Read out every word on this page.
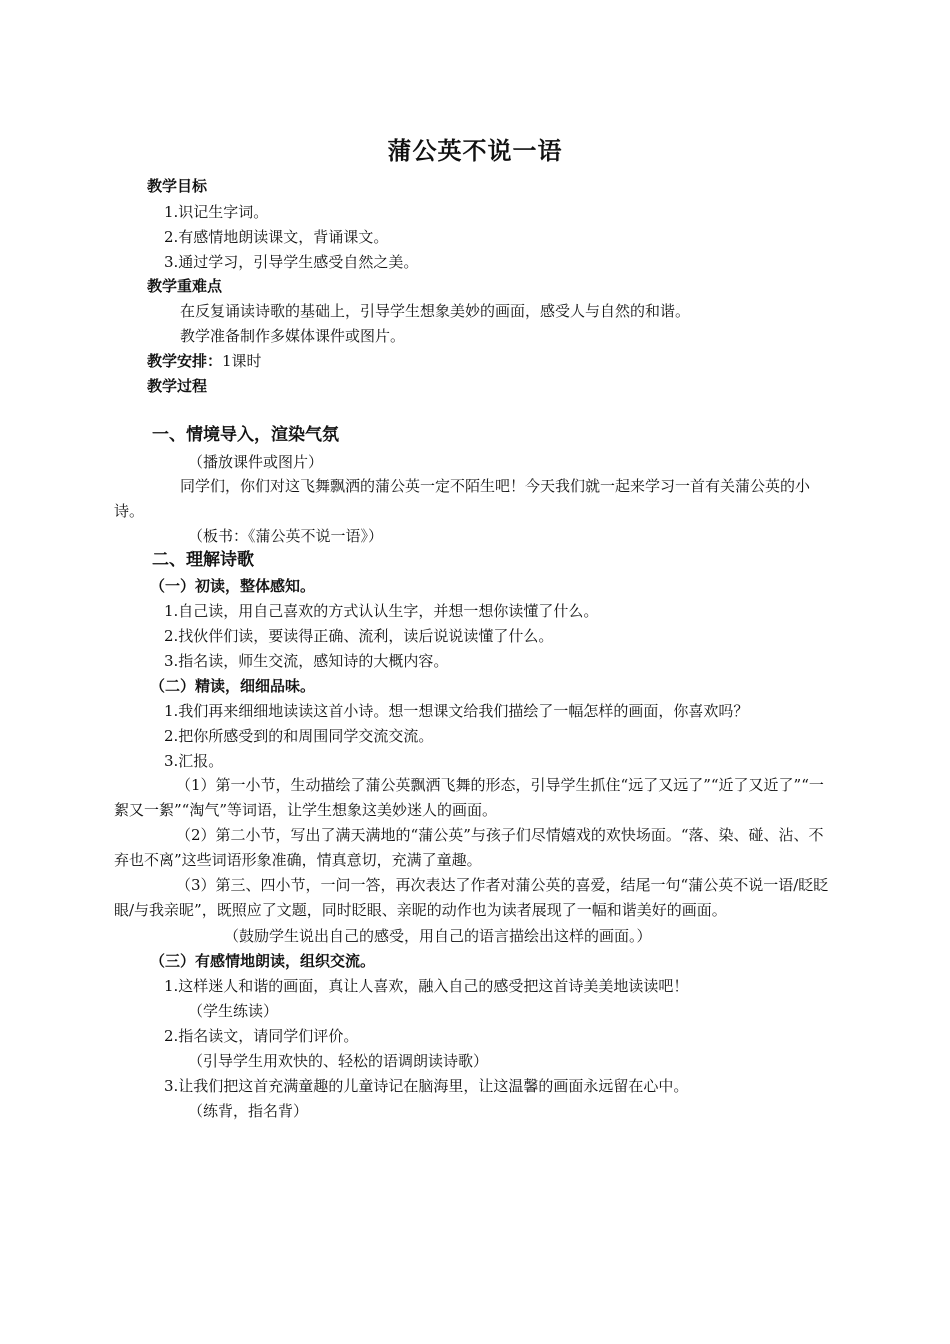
蒲公英不说一语
教学目标
1.识记生字词。
2.有感情地朗读课文，背诵课文。
3.通过学习，引导学生感受自然之美。
教学重难点
在反复诵读诗歌的基础上，引导学生想象美妙的画面，感受人与自然的和谐。
教学准备制作多媒体课件或图片。
教学安排：1课时
教学过程
一、情境导入，渲染气氛
（播放课件或图片）
同学们，你们对这飞舞飘洒的蒲公英一定不陌生吧！今天我们就一起来学习一首有关蒲公英的小诗。
（板书：《蒲公英不说一语》）
二、理解诗歌
（一）初读，整体感知。
1.自己读，用自己喜欢的方式认认生字，并想一想你读懂了什么。
2.找伙伴们读，要读得正确、流利，读后说说读懂了什么。
3.指名读，师生交流，感知诗的大概内容。
（二）精读，细细品味。
1.我们再来细细地读读这首小诗。想一想课文给我们描绘了一幅怎样的画面，你喜欢吗？
2.把你所感受到的和周围同学交流交流。
3.汇报。
（1）第一小节，生动描绘了蒲公英飘洒飞舞的形态，引导学生抓住“远了又远了”“近了又近了”“一絮又一絮”“淘气”等词语，让学生想象这美妙迷人的画面。
（2）第二小节，写出了满天满地的“蒲公英”与孩子们尽情嬉戏的欢快场面。“落、染、碰、沾、不弃也不离”这些词语形象准确，情真意切，充满了童趣。
（3）第三、四小节，一问一答，再次表达了作者对蒲公英的喜爱，结尾一句“蒲公英不说一语/眨眨眼/与我亲昵”，既照应了文题，同时眨眼、亲昵的动作也为读者展现了一幅和谐美好的画面。
（鼓励学生说出自己的感受，用自己的语言描绘出这样的画面。）
（三）有感情地朗读，组织交流。
1.这样迷人和谐的画面，真让人喜欢，融入自己的感受把这首诗美美地读读吧！
（学生练读）
2.指名读文，请同学们评价。
（引导学生用欢快的、轻松的语调朗读诗歌）
3.让我们把这首充满童趣的儿童诗记在脑海里，让这温馨的画面永远留在心中。
（练背，指名背）
